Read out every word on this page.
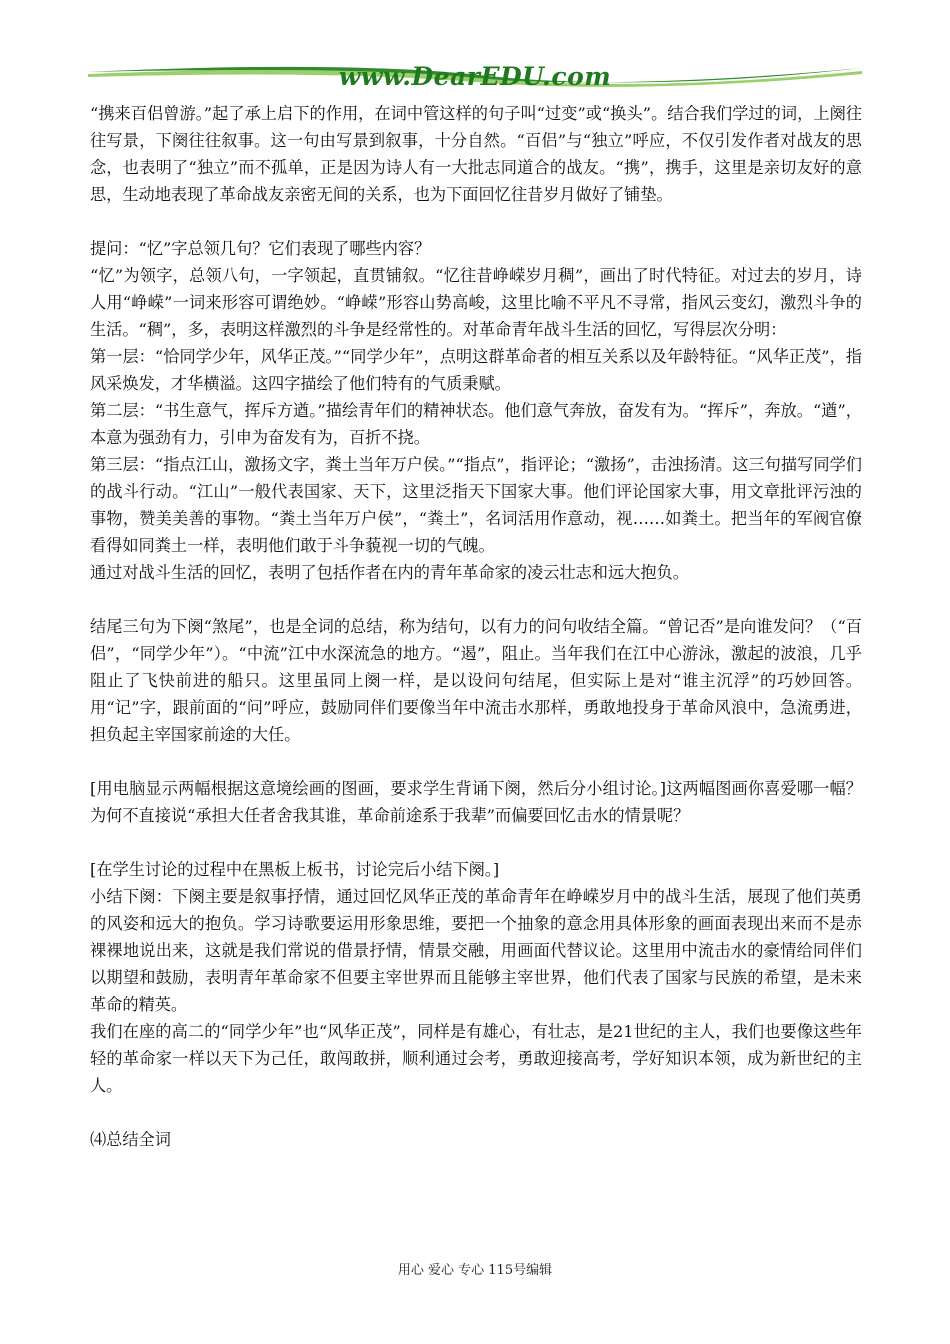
www.DearEDU.com

“携来百侣曾游。”起了承上启下的作用，在词中管这样的句子叫“过变”或“换头”。结合我们学过的词，上阕往往写景，下阕往往叙事。这一句由写景到叙事，十分自然。“百侣”与“独立”呼应，不仅引发作者对战友的思念，也表明了“独立”而不孤单，正是因为诗人有一大批志同道合的战友。“携”，携手，这里是亲切友好的意思，生动地表现了革命战友亲密无间的关系，也为下面回忆往昔岁月做好了铺垫。

提问：“忆”字总领几句？它们表现了哪些内容？

“忆”为领字，总领八句，一字领起，直贯铺叙。“忆往昔峥嵘岁月稠”，画出了时代特征。对过去的岁月，诗人用“峥嵘”一词来形容可谓绝妙。“峥嵘”形容山势高峻，这里比喻不平凡不寻常，指风云变幻，激烈斗争的生活。“稠”，多，表明这样激烈的斗争是经常性的。对革命青年战斗生活的回忆，写得层次分明：

第一层：“恰同学少年，风华正茂。”“同学少年”，点明这群革命者的相互关系以及年龄特征。“风华正茂”，指风采焕发，才华横溢。这四字描绘了他们特有的气质秉赋。

第二层：“书生意气，挥斥方遒。”描绘青年们的精神状态。他们意气奔放，奋发有为。“挥斥”，奔放。“遒”，本意为强劲有力，引申为奋发有为，百折不挠。

第三层：“指点江山，激扬文字，粪土当年万户侯。”“指点”，指评论；“激扬”，击浊扬清。这三句描写同学们的战斗行动。“江山”一般代表国家、天下，这里泛指天下国家大事。他们评论国家大事，用文章批评污浊的事物，赞美美善的事物。“粪土当年万户侯”，“粪土”，名词活用作意动，视……如粪土。把当年的军阀官僚看得如同粪土一样，表明他们敢于斗争藐视一切的气魄。

通过对战斗生活的回忆，表明了包括作者在内的青年革命家的凌云壮志和远大抱负。

结尾三句为下阕“煞尾”，也是全词的总结，称为结句，以有力的问句收结全篇。“曾记否”是向谁发问？（“百侣”，“同学少年”）。“中流”江中水深流急的地方。“遏”，阻止。当年我们在江中心游泳，激起的波浪，几乎阻止了飞快前进的船只。这里虽同上阕一样，是以设问句结尾，但实际上是对“谁主沉浮”的巧妙回答。用“记”字，跟前面的“问”呼应，鼓励同伴们要像当年中流击水那样，勇敢地投身于革命风浪中，急流勇进，担负起主宰国家前途的大任。

[用电脑显示两幅根据这意境绘画的图画，要求学生背诵下阕，然后分小组讨论。]这两幅图画你喜爱哪一幅？为何不直接说“承担大任者舍我其谁，革命前途系于我辈”而偏要回忆击水的情景呢？

[在学生讨论的过程中在黑板上板书，讨论完后小结下阕。]

小结下阕：下阕主要是叙事抒情，通过回忆风华正茂的革命青年在峥嵘岁月中的战斗生活，展现了他们英勇的风姿和远大的抱负。学习诗歌要运用形象思维，要把一个抽象的意念用具体形象的画面表现出来而不是赤裸裸地说出来，这就是我们常说的借景抒情，情景交融，用画面代替议论。这里用中流击水的豪情给同伴们以期望和鼓励，表明青年革命家不但要主宰世界而且能够主宰世界，他们代表了国家与民族的希望，是未来革命的精英。

我们在座的高二的“同学少年”也“风华正茂”，同样是有雄心，有壮志，是21世纪的主人，我们也要像这些年轻的革命家一样以天下为己任，敢闯敢拼，顺利通过会考，勇敢迎接高考，学好知识本领，成为新世纪的主人。

⑷总结全词

用心 爱心 专心 115号编辑
